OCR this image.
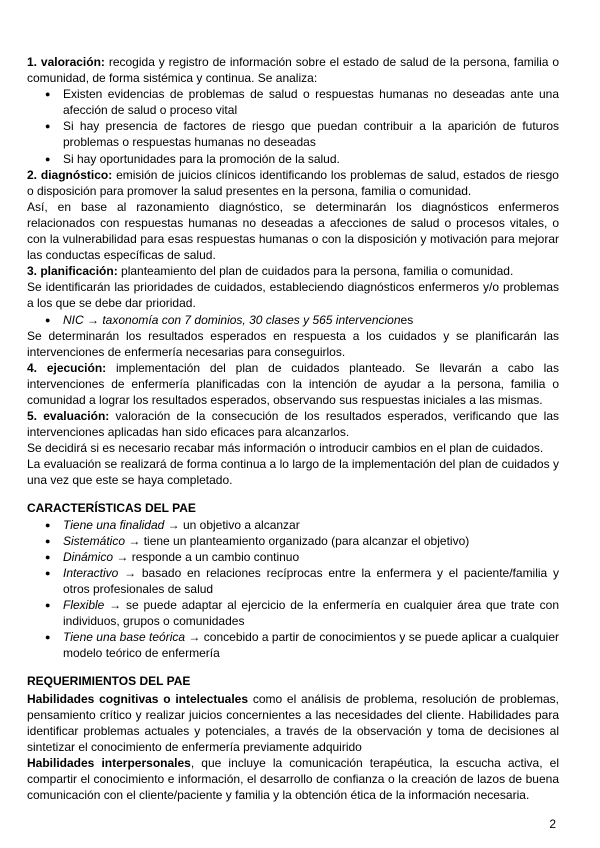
1. valoración: recogida y registro de información sobre el estado de salud de la persona, familia o comunidad, de forma sistémica y continua. Se analiza:

● Existen evidencias de problemas de salud o respuestas humanas no deseadas ante una afección de salud o proceso vital
● Si hay presencia de factores de riesgo que puedan contribuir a la aparición de futuros problemas o respuestas humanas no deseadas
● Si hay oportunidades para la promoción de la salud.

2. diagnóstico: emisión de juicios clínicos identificando los problemas de salud, estados de riesgo o disposición para promover la salud presentes en la persona, familia o comunidad.

Así, en base al razonamiento diagnóstico, se determinarán los diagnósticos enfermeros relacionados con respuestas humanas no deseadas a afecciones de salud o procesos vitales, o con la vulnerabilidad para esas respuestas humanas o con la disposición y motivación para mejorar las conductas específicas de salud.

3. planificación: planteamiento del plan de cuidados para la persona, familia o comunidad.

Se identificarán las prioridades de cuidados, estableciendo diagnósticos enfermeros y/o problemas a los que se debe dar prioridad.

● NIC → taxonomía con 7 dominios, 30 clases y 565 intervenciones

Se determinarán los resultados esperados en respuesta a los cuidados y se planificarán las intervenciones de enfermería necesarias para conseguirlos.

4. ejecución: implementación del plan de cuidados planteado. Se llevarán a cabo las intervenciones de enfermería planificadas con la intención de ayudar a la persona, familia o comunidad a lograr los resultados esperados, observando sus respuestas iniciales a las mismas.

5. evaluación: valoración de la consecución de los resultados esperados, verificando que las intervenciones aplicadas han sido eficaces para alcanzarlos.

Se decidirá si es necesario recabar más información o introducir cambios en el plan de cuidados.

La evaluación se realizará de forma continua a lo largo de la implementación del plan de cuidados y una vez que este se haya completado.

CARACTERÍSTICAS DEL PAE

● Tiene una finalidad → un objetivo a alcanzar
● Sistemático → tiene un planteamiento organizado (para alcanzar el objetivo)
● Dinámico → responde a un cambio continuo
● Interactivo → basado en relaciones recíprocas entre la enfermera y el paciente/familia y otros profesionales de salud
● Flexible → se puede adaptar al ejercicio de la enfermería en cualquier área que trate con individuos, grupos o comunidades
● Tiene una base teórica → concebido a partir de conocimientos y se puede aplicar a cualquier modelo teórico de enfermería

REQUERIMIENTOS DEL PAE

Habilidades cognitivas o intelectuales como el análisis de problema, resolución de problemas, pensamiento crítico y realizar juicios concernientes a las necesidades del cliente. Habilidades para identificar problemas actuales y potenciales, a través de la observación y toma de decisiones al sintetizar el conocimiento de enfermería previamente adquirido

Habilidades interpersonales, que incluye la comunicación terapéutica, la escucha activa, el compartir el conocimiento e información, el desarrollo de confianza o la creación de lazos de buena comunicación con el cliente/paciente y familia y la obtención ética de la información necesaria.

2
